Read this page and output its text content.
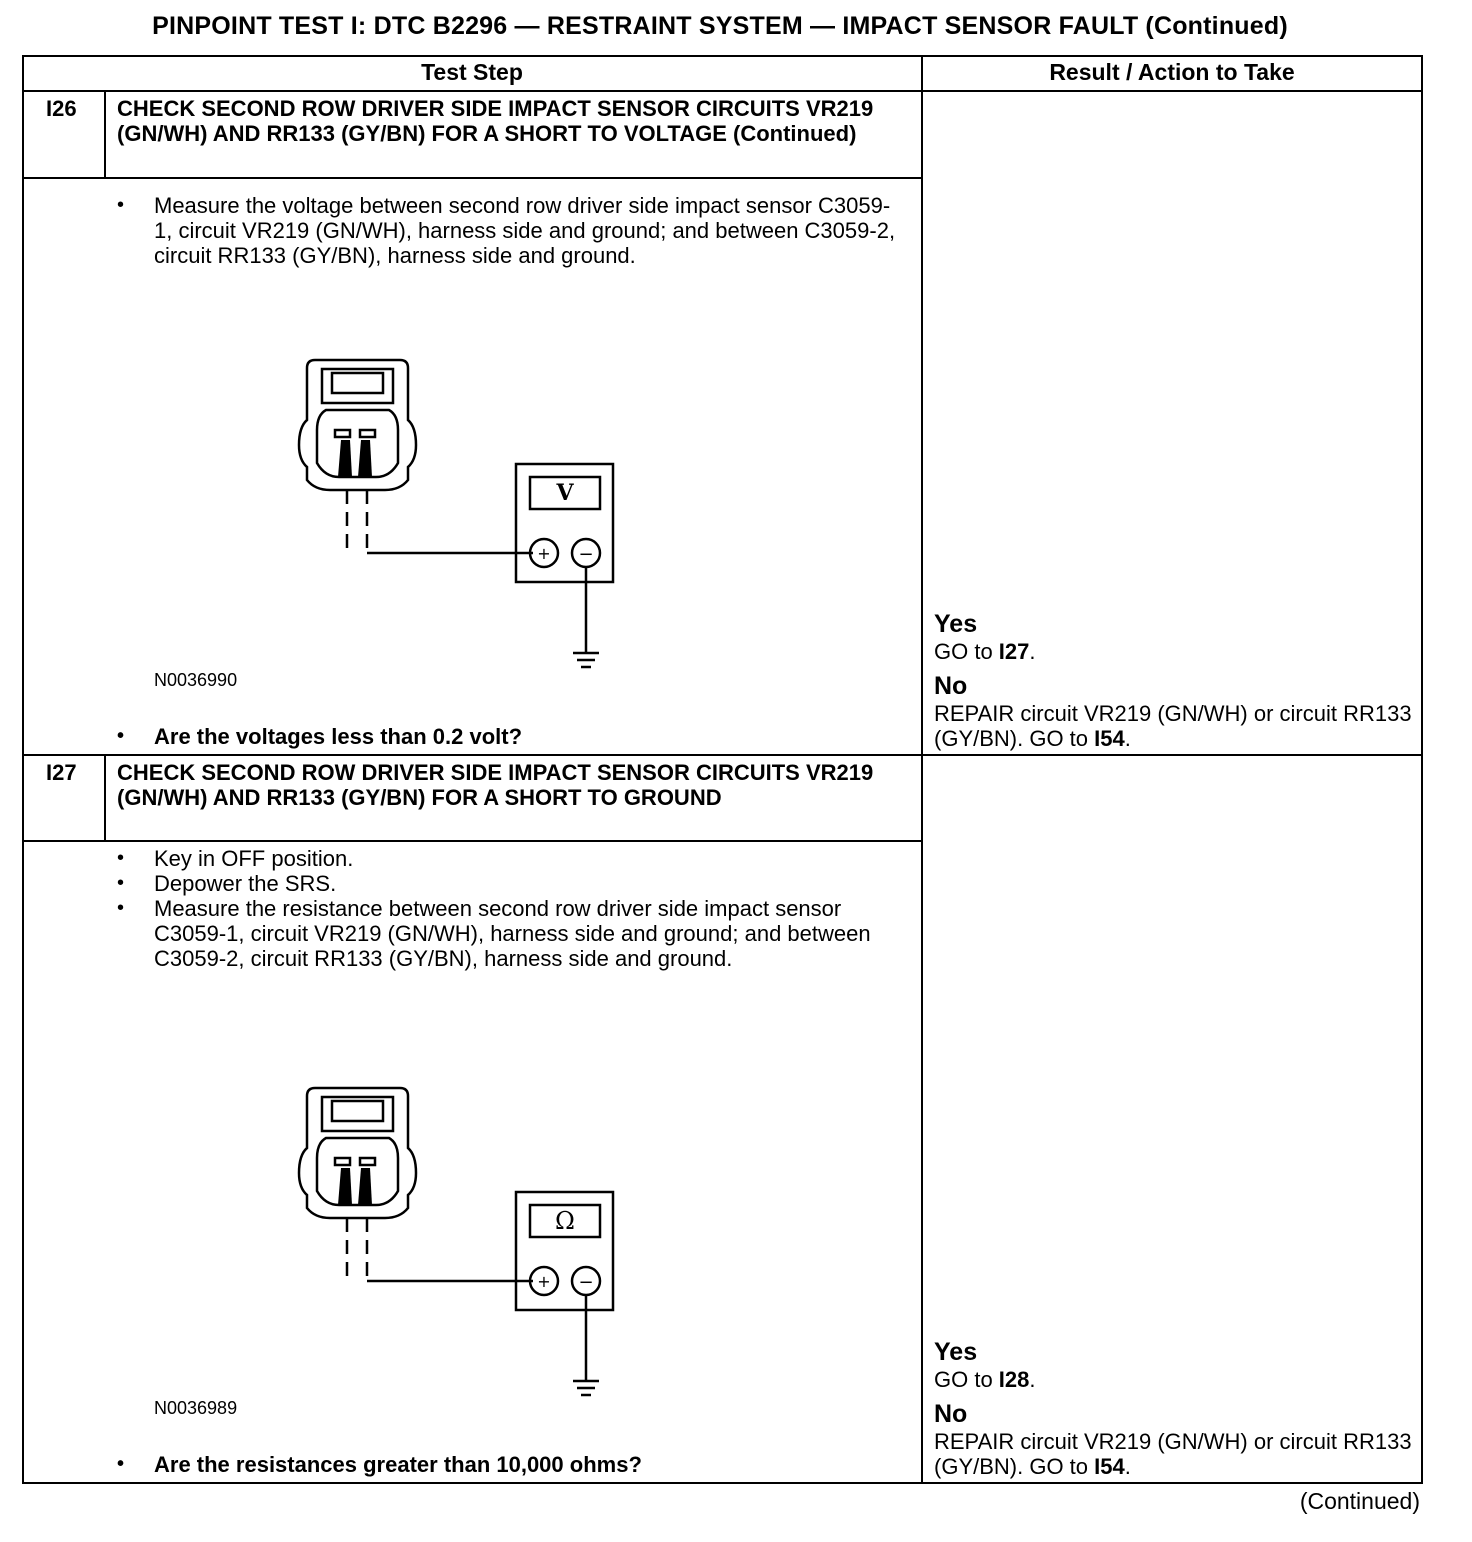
PINPOINT TEST I: DTC B2296 — RESTRAINT SYSTEM — IMPACT SENSOR FAULT (Continued)
Test Step	Result / Action to Take
I26 CHECK SECOND ROW DRIVER SIDE IMPACT SENSOR CIRCUITS VR219 (GN/WH) AND RR133 (GY/BN) FOR A SHORT TO VOLTAGE (Continued)
• Measure the voltage between second row driver side impact sensor C3059-1, circuit VR219 (GN/WH), harness side and ground; and between C3059-2, circuit RR133 (GY/BN), harness side and ground.
V
+ −
N0036990
• Are the voltages less than 0.2 volt?
Yes
GO to I27.
No
REPAIR circuit VR219 (GN/WH) or circuit RR133 (GY/BN). GO to I54.
I27 CHECK SECOND ROW DRIVER SIDE IMPACT SENSOR CIRCUITS VR219 (GN/WH) AND RR133 (GY/BN) FOR A SHORT TO GROUND
• Key in OFF position.
• Depower the SRS.
• Measure the resistance between second row driver side impact sensor C3059-1, circuit VR219 (GN/WH), harness side and ground; and between C3059-2, circuit RR133 (GY/BN), harness side and ground.
Ω
+ −
N0036989
• Are the resistances greater than 10,000 ohms?
Yes
GO to I28.
No
REPAIR circuit VR219 (GN/WH) or circuit RR133 (GY/BN). GO to I54.
(Continued)
